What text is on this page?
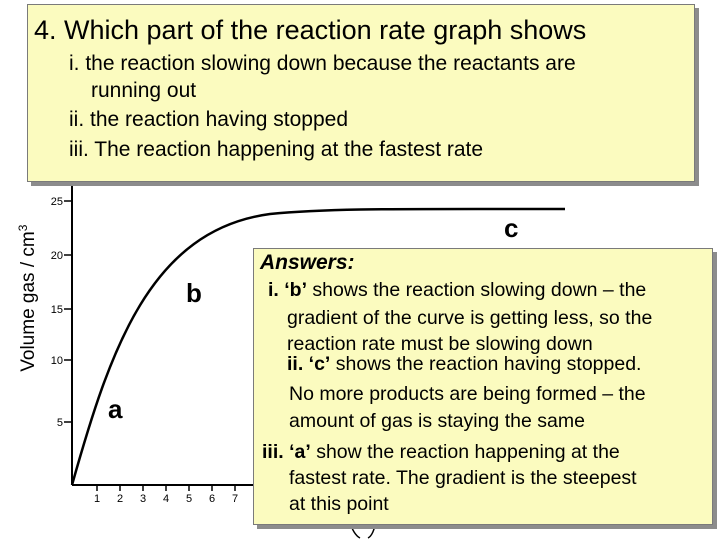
25
20
15
10
5
1 2 3 4 5 6 7
a
b
c
Volume gas / $cm^3$
4. Which part of the reaction rate graph shows
i. the reaction slowing down because the reactants are
running out
ii. the reaction having stopped
iii. The reaction happening at the fastest rate
Answers:
i. ‘b’ shows the reaction slowing down – the
gradient of the curve is getting less, so the
reaction rate must be slowing down
ii. ‘c’ shows the reaction having stopped.
No more products are being formed – the
amount of gas is staying the same
iii. ‘a’ show the reaction happening at the
fastest rate. The gradient is the steepest
at this point
